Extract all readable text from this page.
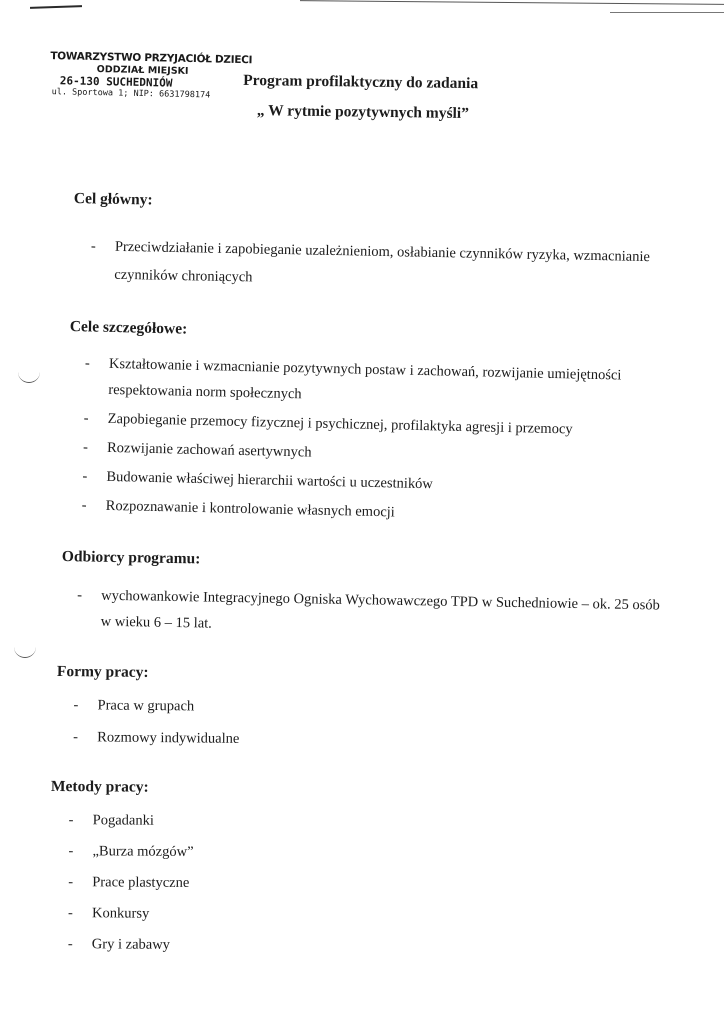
TOWARZYSTWO PRZYJACIÓŁ DZIECI
ODDZIAŁ MIEJSKI
26-130 SUCHEDNIÓW
ul. Sportowa 1; NIP: 6631798174
Program profilaktyczny do zadania
„ W rytmie pozytywnych myśli”
Cel główny:
- Przeciwdziałanie i zapobieganie uzależnieniom, osłabianie czynników ryzyka, wzmacnianie czynników chroniących
Cele szczegółowe:
- Kształtowanie i wzmacnianie pozytywnych postaw i zachowań, rozwijanie umiejętności respektowania norm społecznych
- Zapobieganie przemocy fizycznej i psychicznej, profilaktyka agresji i przemocy
- Rozwijanie zachowań asertywnych
- Budowanie właściwej hierarchii wartości u uczestników
- Rozpoznawanie i kontrolowanie własnych emocji
Odbiorcy programu:
- wychowankowie Integracyjnego Ogniska Wychowawczego TPD w Suchedniowie – ok. 25 osób w wieku 6 – 15 lat.
Formy pracy:
- Praca w grupach
- Rozmowy indywidualne
Metody pracy:
- Pogadanki
- „Burza mózgów”
- Prace plastyczne
- Konkursy
- Gry i zabawy
